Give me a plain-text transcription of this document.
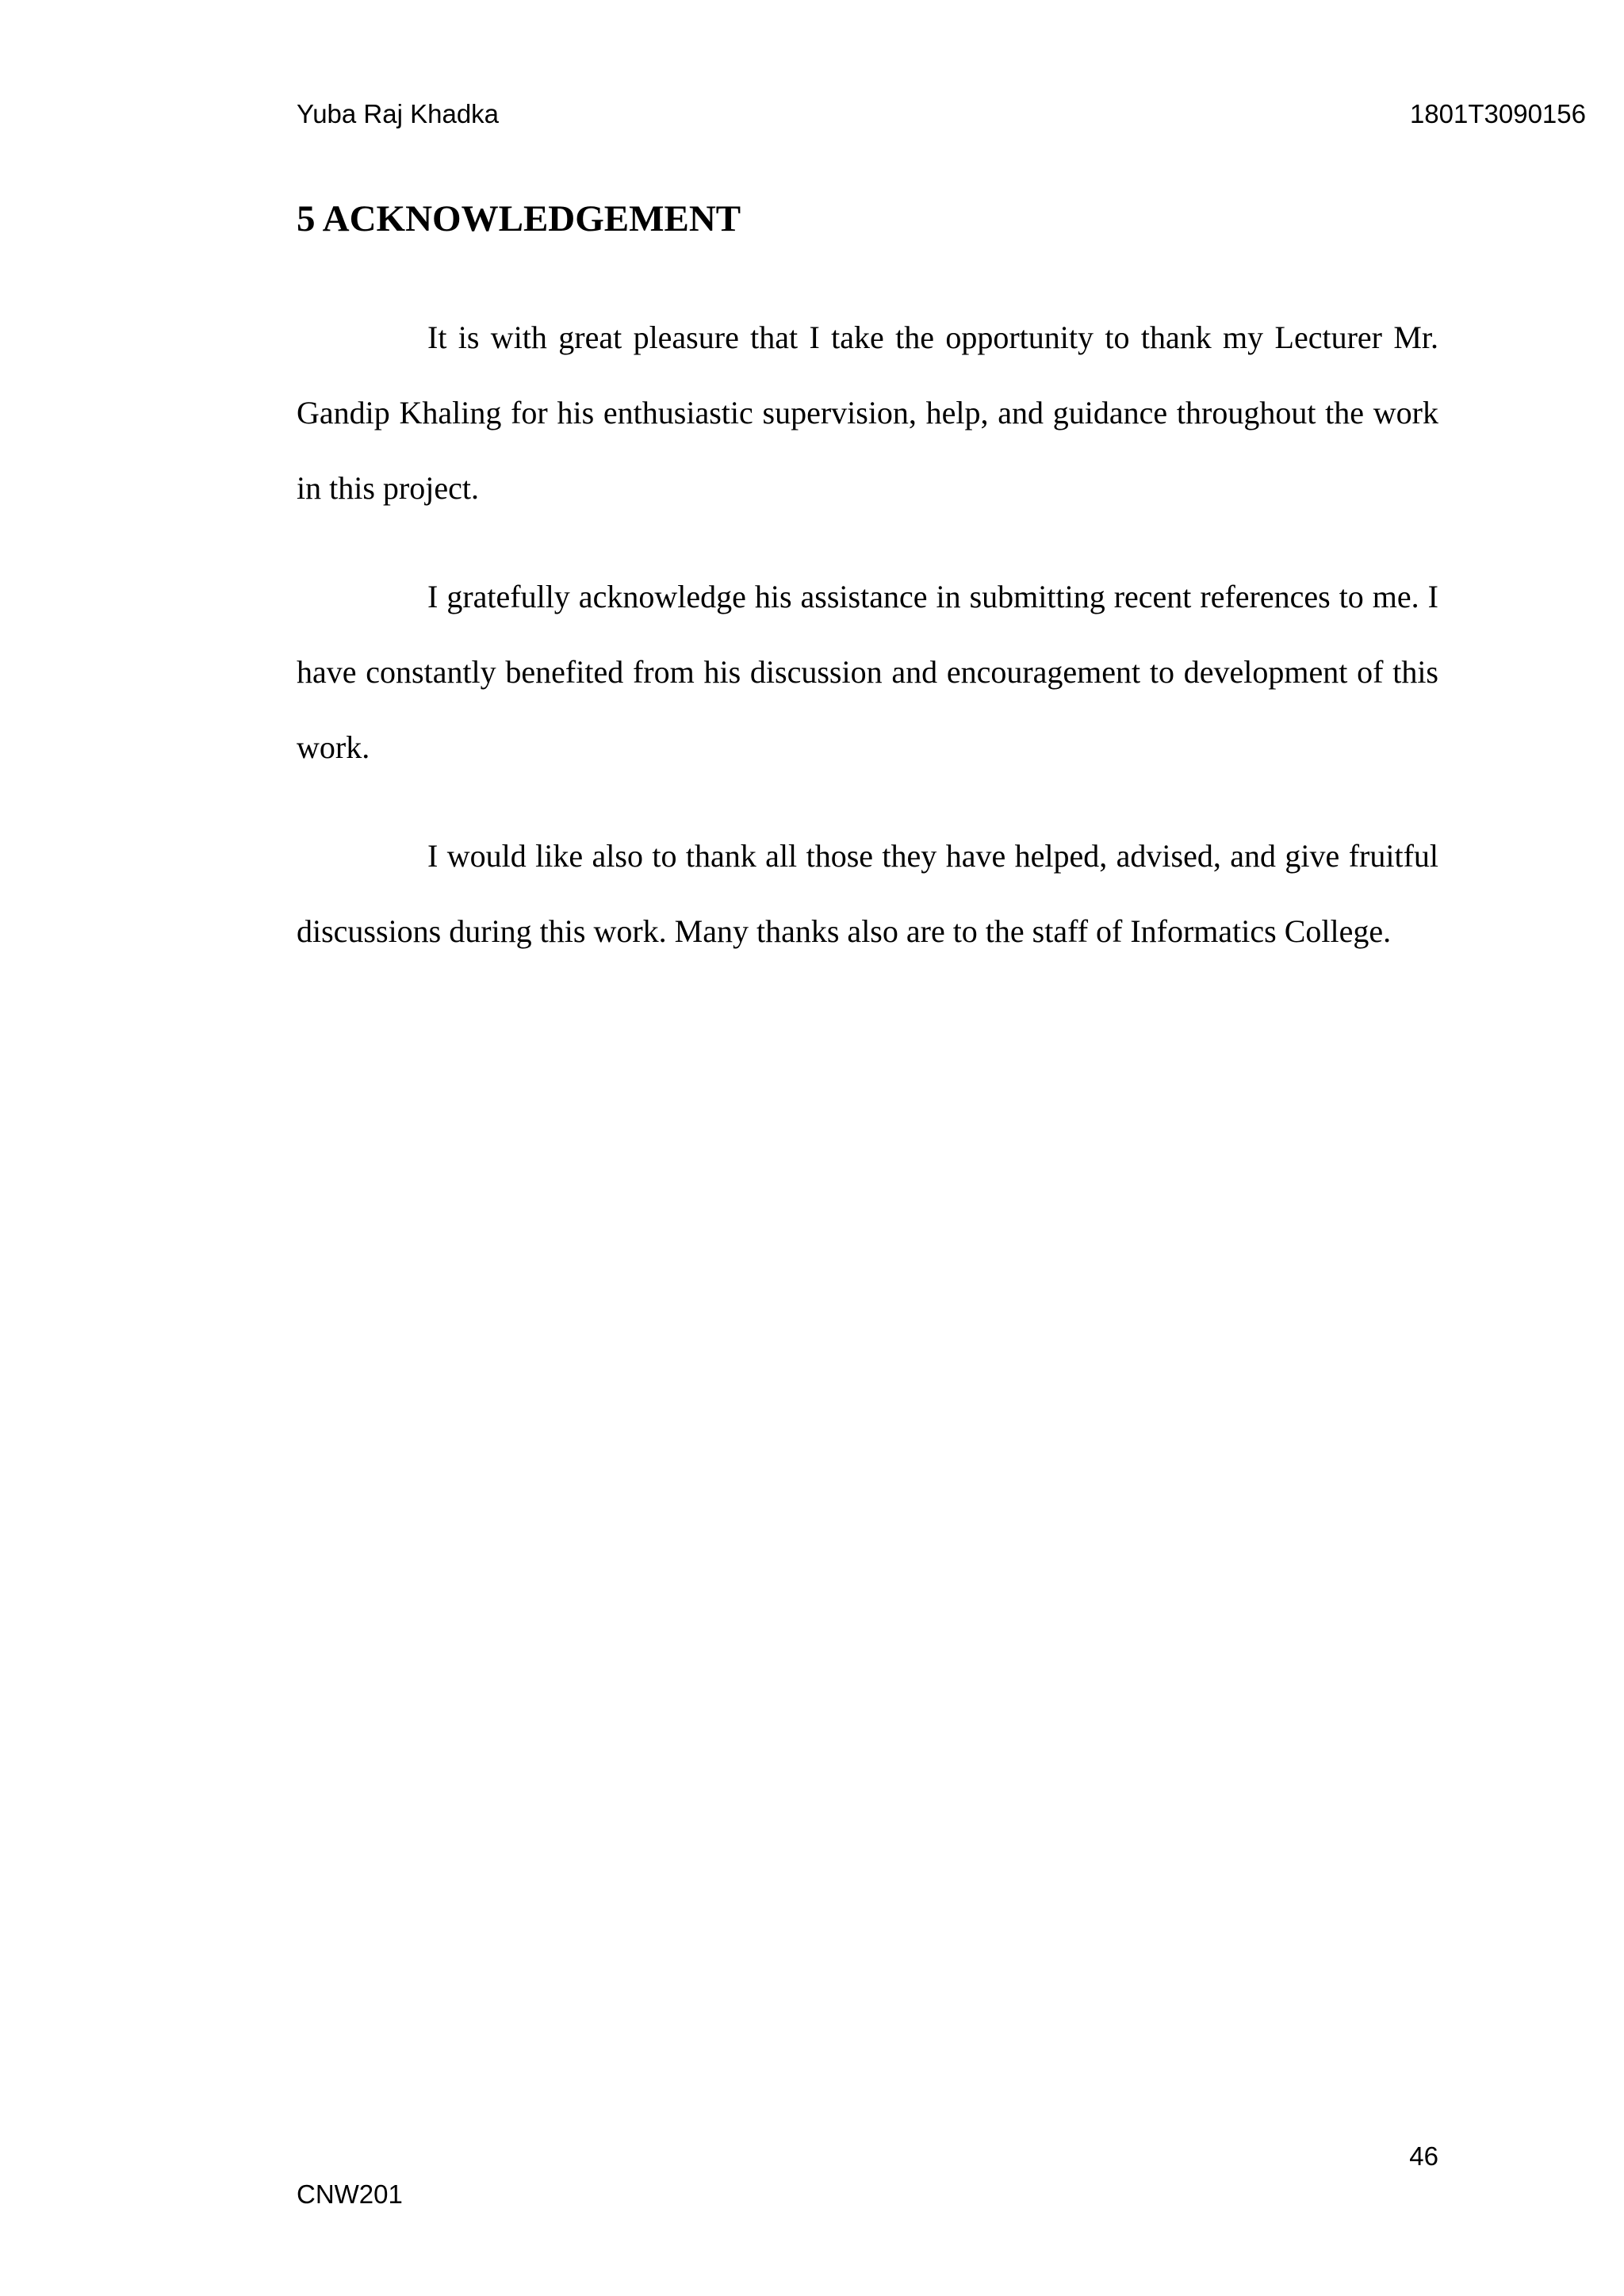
Yuba Raj Khadka	1801T3090156
5 ACKNOWLEDGEMENT

It is with great pleasure that I take the opportunity to thank my Lecturer Mr. Gandip Khaling for his enthusiastic supervision, help, and guidance throughout the work in this project.

I gratefully acknowledge his assistance in submitting recent references to me. I have constantly benefited from his discussion and encouragement to development of this work.

I would like also to thank all those they have helped, advised, and give fruitful discussions during this work. Many thanks also are to the staff of Informatics College.

46
CNW201
